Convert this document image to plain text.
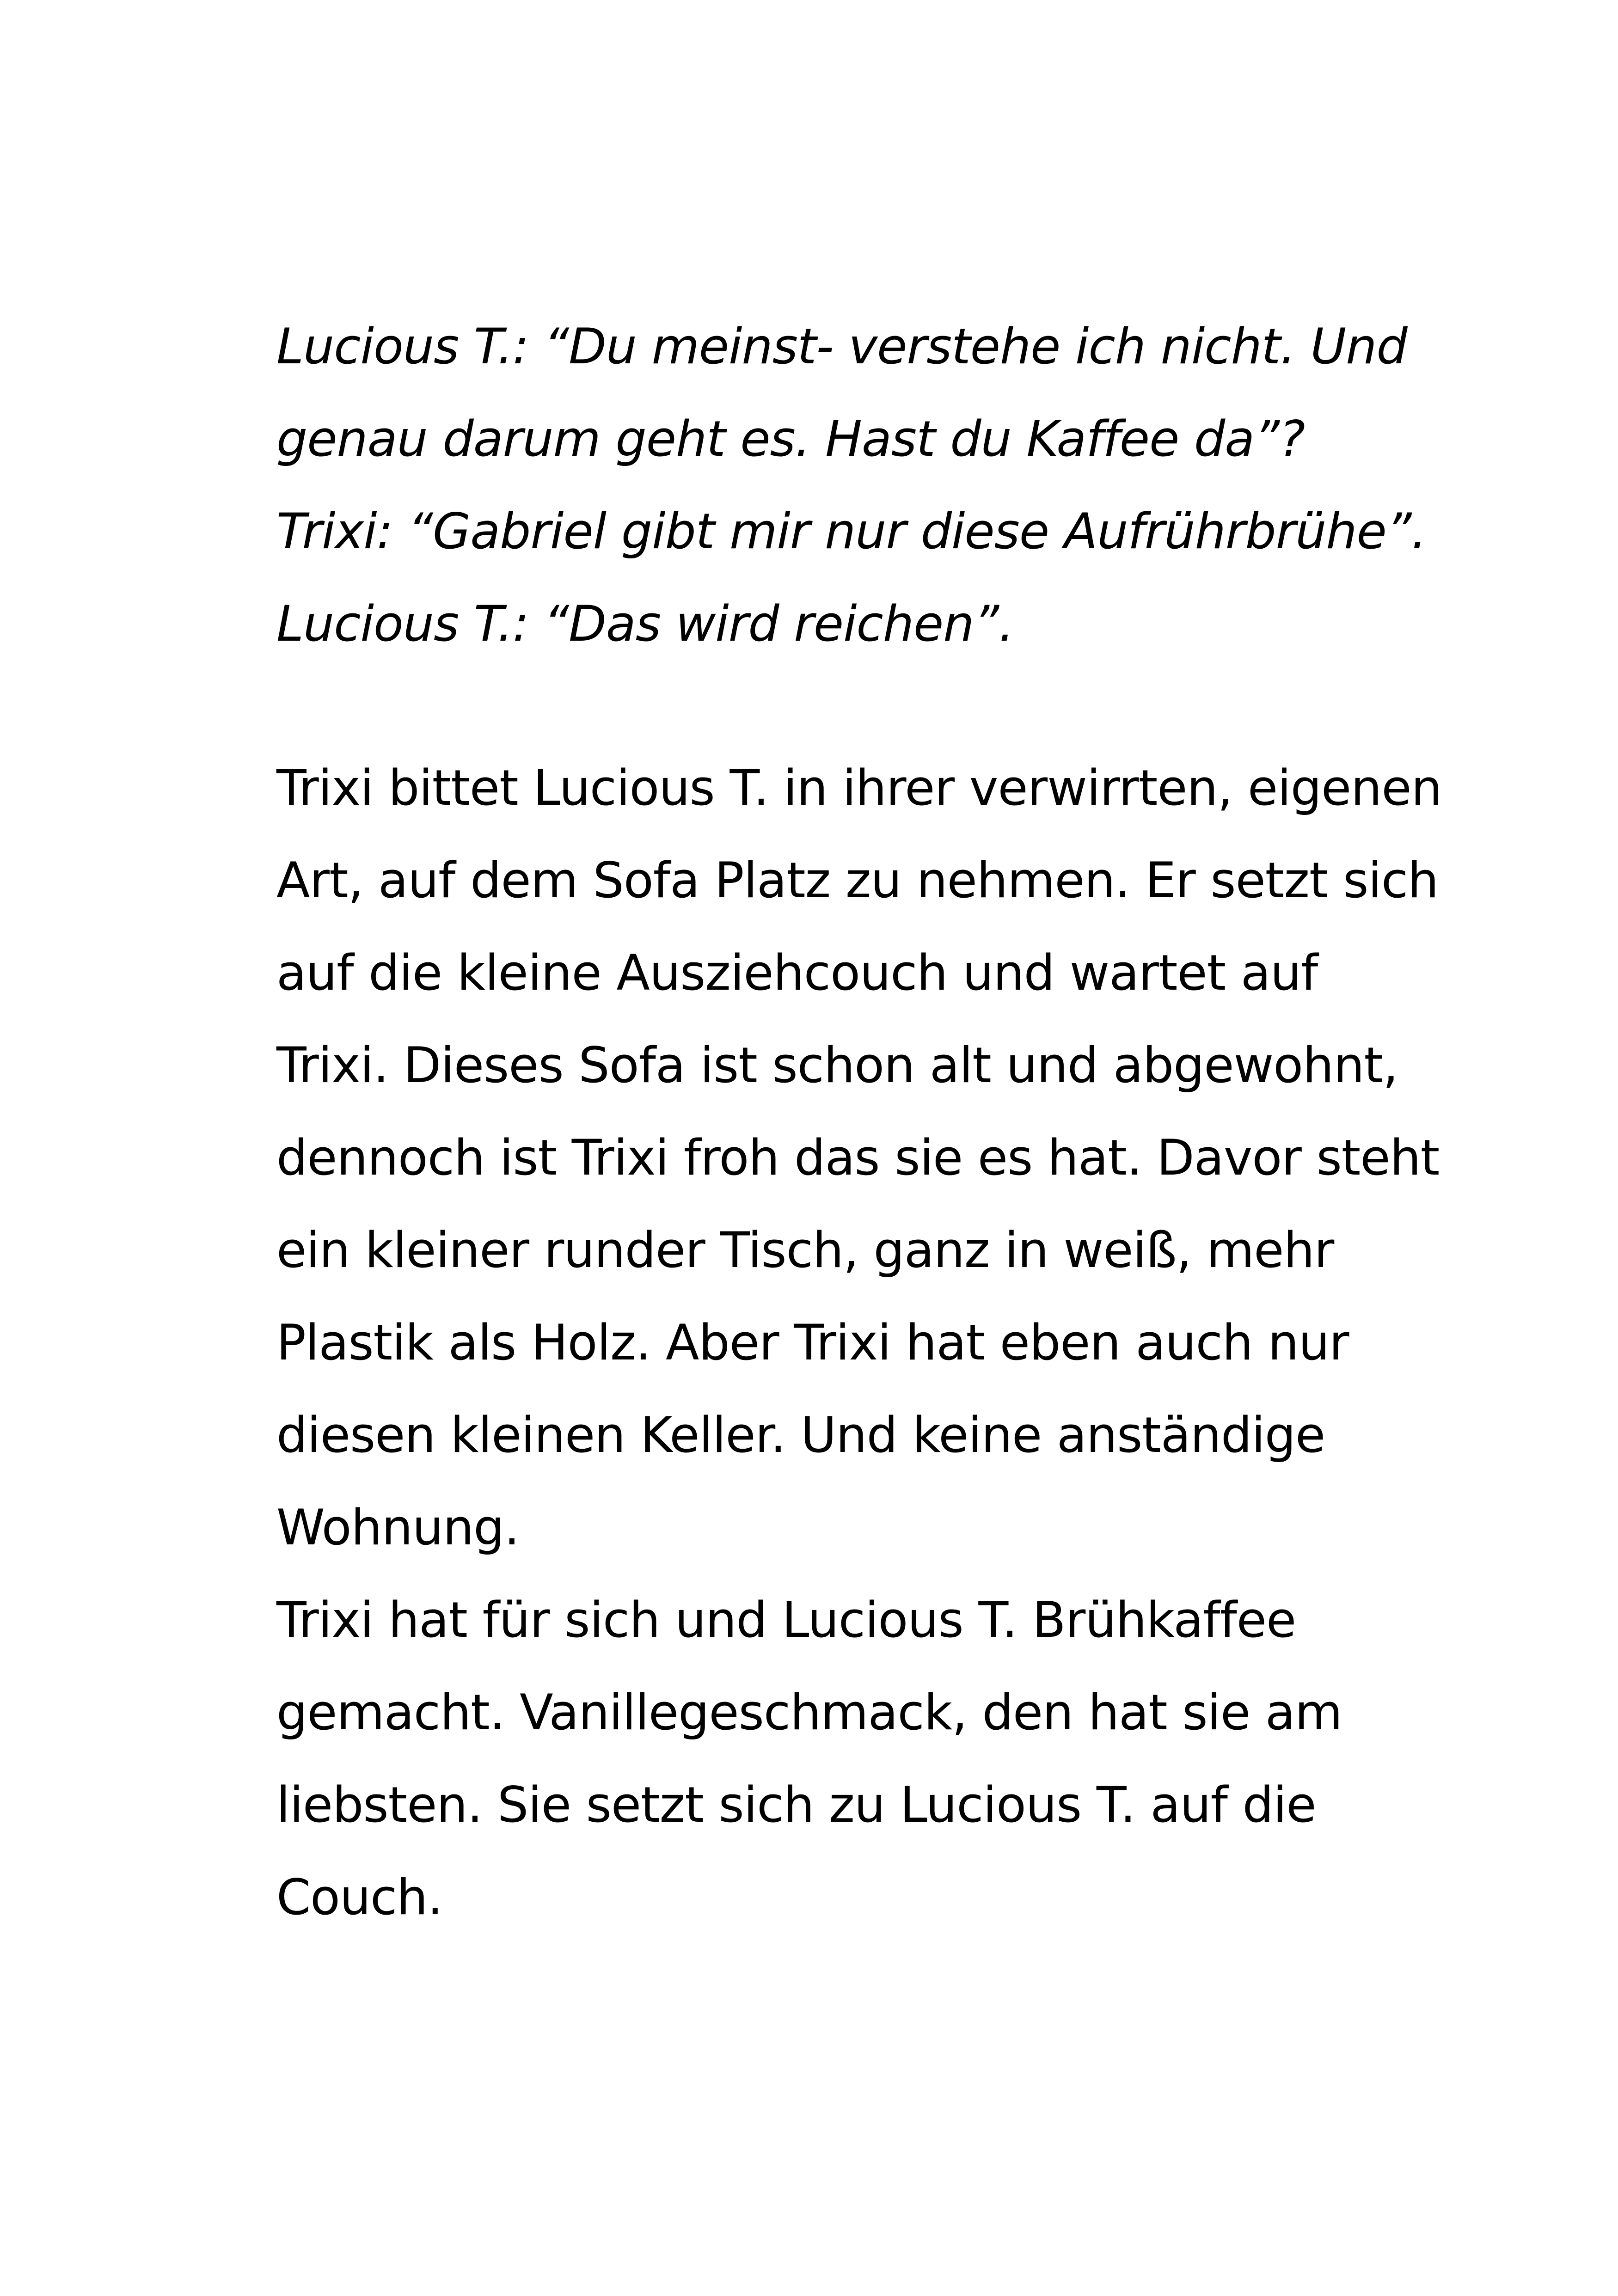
Lucious T.: “Du meinst- verstehe ich nicht. Und
genau darum geht es. Hast du Kaffee da”?
Trixi: “Gabriel gibt mir nur diese Aufrührbrühe”.
Lucious T.: “Das wird reichen”.
Trixi bittet Lucious T. in ihrer verwirrten, eigenen
Art, auf dem Sofa Platz zu nehmen. Er setzt sich
auf die kleine Ausziehcouch und wartet auf
Trixi. Dieses Sofa ist schon alt und abgewohnt,
dennoch ist Trixi froh das sie es hat. Davor steht
ein kleiner runder Tisch, ganz in weiß, mehr
Plastik als Holz. Aber Trixi hat eben auch nur
diesen kleinen Keller. Und keine anständige
Wohnung.
Trixi hat für sich und Lucious T. Brühkaffee
gemacht. Vanillegeschmack, den hat sie am
liebsten. Sie setzt sich zu Lucious T. auf die
Couch.
